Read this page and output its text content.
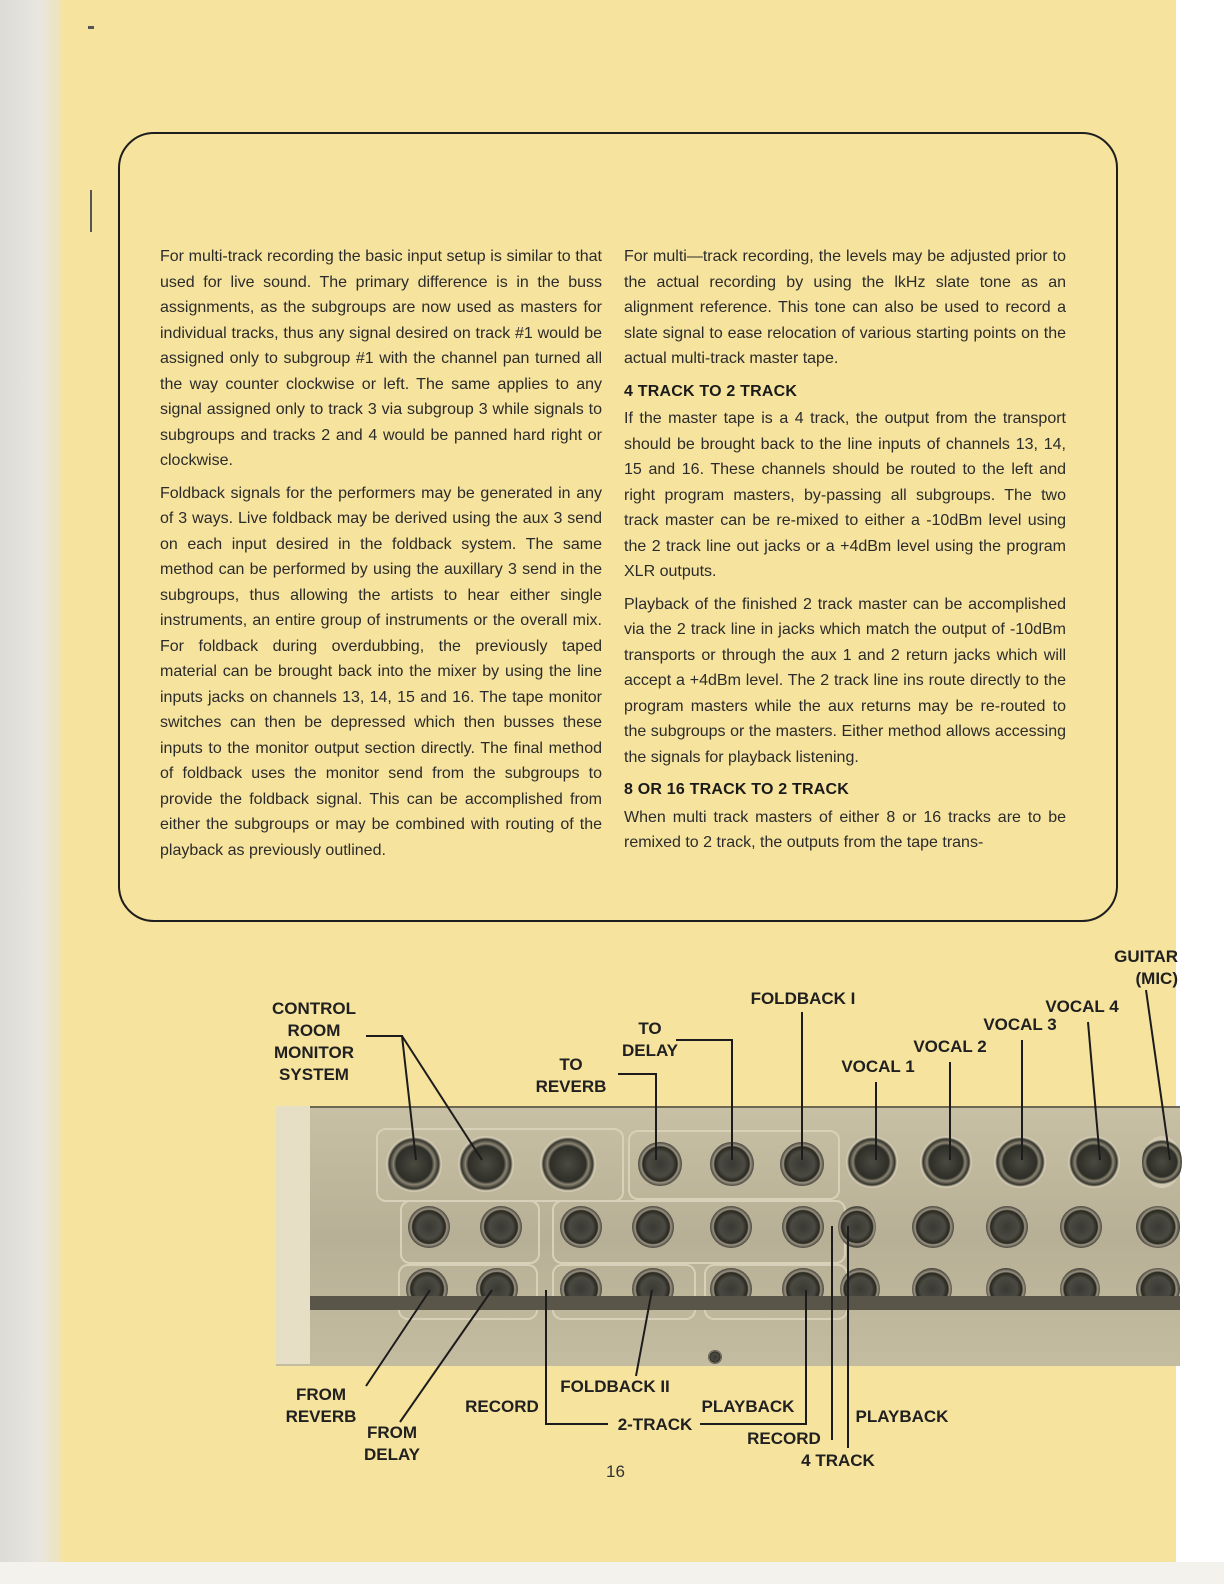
For multi-track recording the basic input setup is similar to that used for live sound. The primary difference is in the buss assignments, as the subgroups are now used as masters for individual tracks, thus any signal desired on track #1 would be assigned only to subgroup #1 with the channel pan turned all the way counter clockwise or left. The same applies to any signal assigned only to track 3 via subgroup 3 while signals to subgroups and tracks 2 and 4 would be panned hard right or clockwise.

Foldback signals for the performers may be generated in any of 3 ways. Live foldback may be derived using the aux 3 send on each input desired in the foldback system. The same method can be performed by using the auxillary 3 send in the subgroups, thus allowing the artists to hear either single instruments, an entire group of instruments or the overall mix. For foldback during overdubbing, the previously taped material can be brought back into the mixer by using the line inputs jacks on channels 13, 14, 15 and 16. The tape monitor switches can then be depressed which then busses these inputs to the monitor output section directly. The final method of foldback uses the monitor send from the subgroups to provide the foldback signal. This can be accomplished from either the subgroups or may be combined with routing of the playback as previously outlined.

For multi—track recording, the levels may be adjusted prior to the actual recording by using the lkHz slate tone as an alignment reference. This tone can also be used to record a slate signal to ease relocation of various starting points on the actual multi-track master tape.

4 TRACK TO 2 TRACK

If the master tape is a 4 track, the output from the transport should be brought back to the line inputs of channels 13, 14, 15 and 16. These channels should be routed to the left and right program masters, by-passing all subgroups. The two track master can be re-mixed to either a -10dBm level using the 2 track line out jacks or a +4dBm level using the program XLR outputs.

Playback of the finished 2 track master can be accomplished via the 2 track line in jacks which match the output of -10dBm transports or through the aux 1 and 2 return jacks which will accept a +4dBm level. The 2 track line ins route directly to the program masters while the aux returns may be re-routed to the subgroups or the masters. Either method allows accessing the signals for playback listening.

8 OR 16 TRACK TO 2 TRACK

When multi track masters of either 8 or 16 tracks are to be remixed to 2 track, the outputs from the tape trans-

CONTROL
ROOM
MONITOR
SYSTEM
TO
REVERB
TO
DELAY
FOLDBACK I
VOCAL 1
VOCAL 2
VOCAL 3
VOCAL 4
GUITAR
(MIC)
FROM
REVERB
FROM
DELAY
RECORD
FOLDBACK II
2-TRACK
PLAYBACK
RECORD
PLAYBACK
4 TRACK
16
